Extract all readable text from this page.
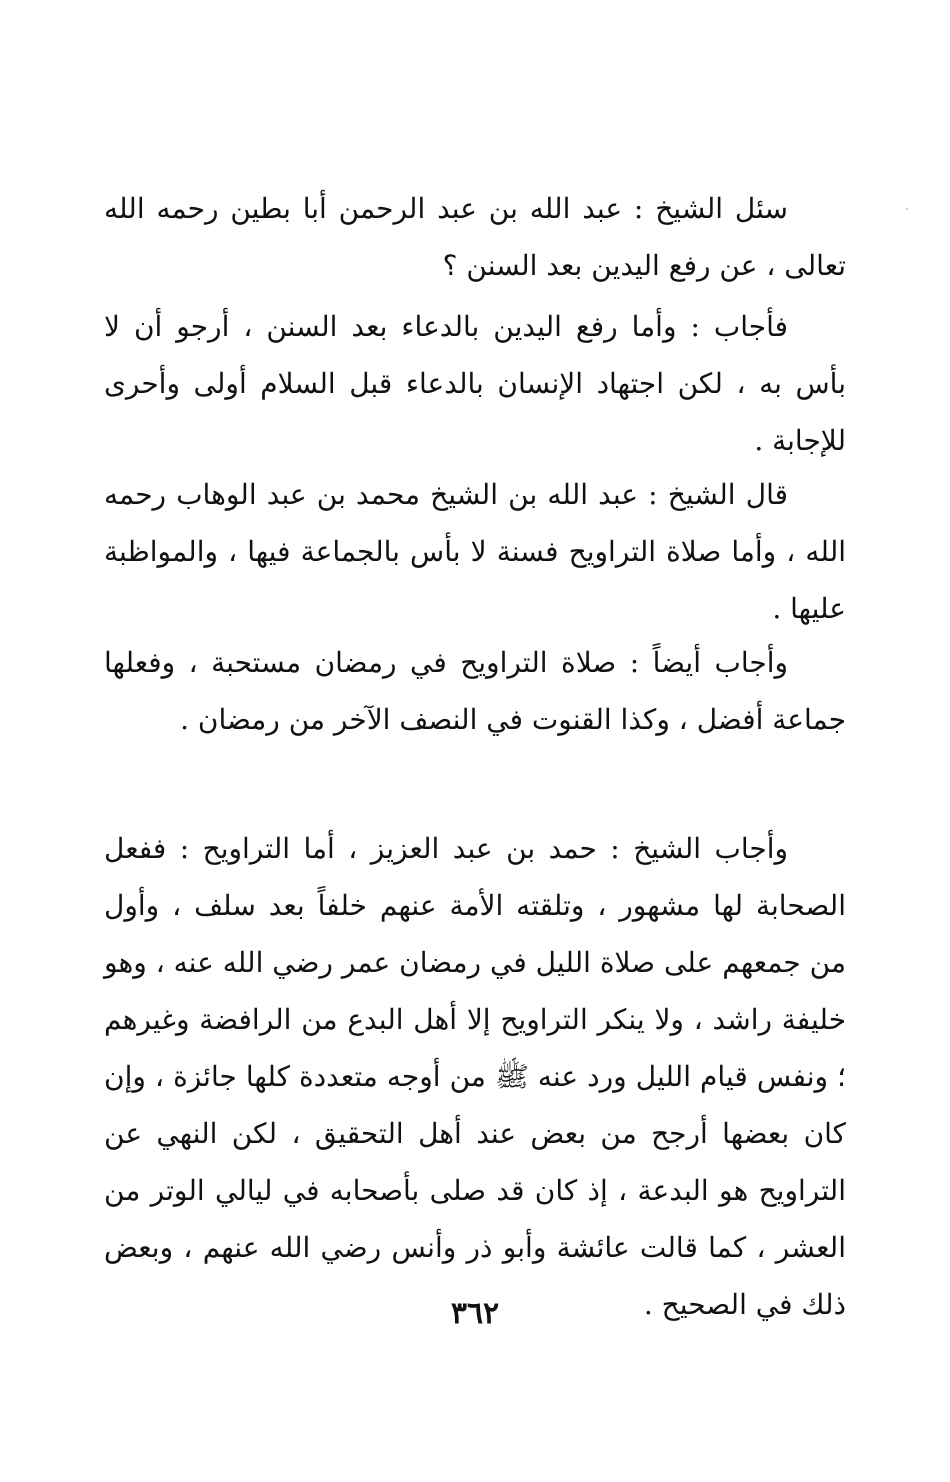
سئل الشيخ : عبد الله بن عبد الرحمن أبا بطين رحمه الله تعالى ، عن رفع اليدين بعد السنن ؟

فأجاب : وأما رفع اليدين بالدعاء بعد السنن ، أرجو أن لا بأس به ، لكن اجتهاد الإنسان بالدعاء قبل السلام أولى وأحرى للإجابة .

قال الشيخ : عبد الله بن الشيخ محمد بن عبد الوهاب رحمه الله ، وأما صلاة التراويح فسنة لا بأس بالجماعة فيها ، والمواظبة عليها .

وأجاب أيضاً : صلاة التراويح في رمضان مستحبة ، وفعلها جماعة أفضل ، وكذا القنوت في النصف الآخر من رمضان .

وأجاب الشيخ : حمد بن عبد العزيز ، أما التراويح : ففعل الصحابة لها مشهور ، وتلقته الأمة عنهم خلفاً بعد سلف ، وأول من جمعهم على صلاة الليل في رمضان عمر رضي الله عنه ، وهو خليفة راشد ، ولا ينكر التراويح إلا أهل البدع من الرافضة وغيرهم ؛ ونفس قيام الليل ورد عنه ﷺ من أوجه متعددة كلها جائزة ، وإن كان بعضها أرجح من بعض عند أهل التحقيق ، لكن النهي عن التراويح هو البدعة ، إذ كان قد صلى بأصحابه في ليالي الوتر من العشر ، كما قالت عائشة وأبو ذر وأنس رضي الله عنهم ، وبعض ذلك في الصحيح .

٣٦٢
